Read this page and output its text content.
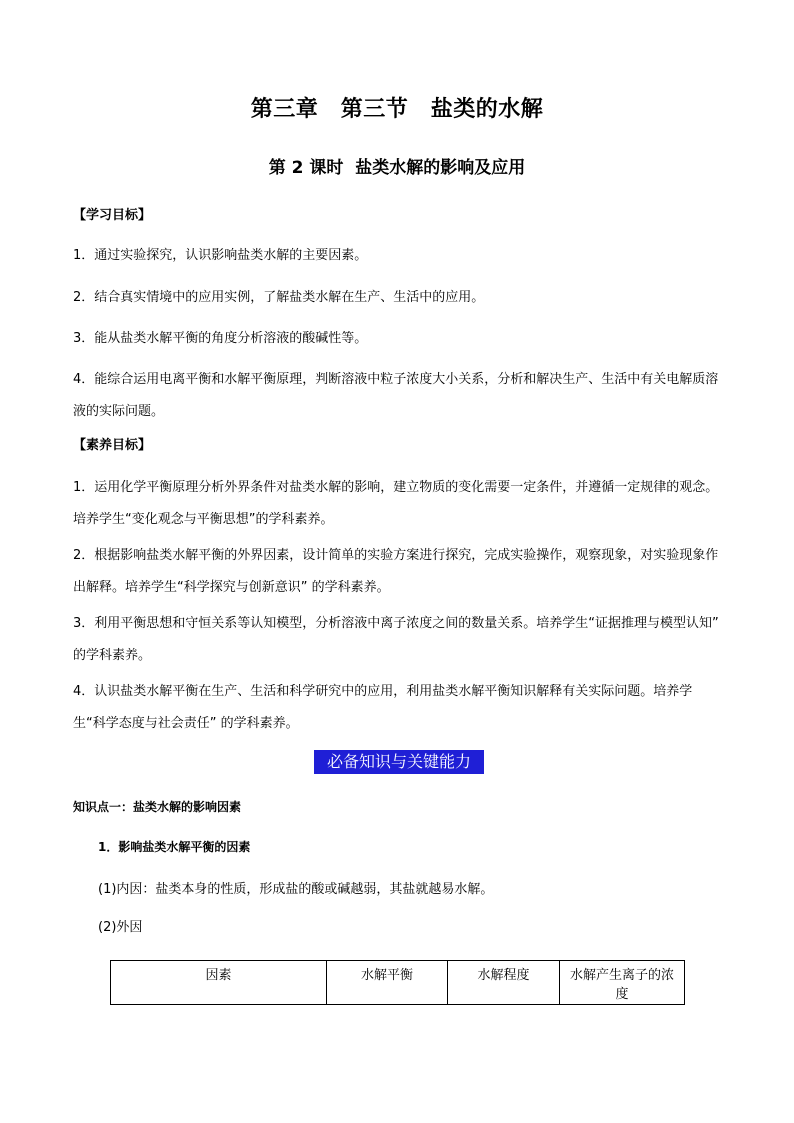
第三章　第三节　盐类的水解
第 2 课时  盐类水解的影响及应用
【学习目标】
1．通过实验探究，认识影响盐类水解的主要因素。
2．结合真实情境中的应用实例，了解盐类水解在生产、生活中的应用。
3．能从盐类水解平衡的角度分析溶液的酸碱性等。
4．能综合运用电离平衡和水解平衡原理，判断溶液中粒子浓度大小关系，分析和解决生产、生活中有关电解质溶液的实际问题。
【素养目标】
1．运用化学平衡原理分析外界条件对盐类水解的影响，建立物质的变化需要一定条件，并遵循一定规律的观念。培养学生“变化观念与平衡思想”的学科素养。
2．根据影响盐类水解平衡的外界因素，设计简单的实验方案进行探究，完成实验操作，观察现象，对实验现象作出解释。培养学生“科学探究与创新意识” 的学科素养。
3．利用平衡思想和守恒关系等认知模型，分析溶液中离子浓度之间的数量关系。培养学生“证据推理与模型认知” 的学科素养。
4．认识盐类水解平衡在生产、生活和科学研究中的应用，利用盐类水解平衡知识解释有关实际问题。培养学生“科学态度与社会责任” 的学科素养。
必备知识与关键能力
知识点一：盐类水解的影响因素
1．影响盐类水解平衡的因素
(1)内因：盐类本身的性质，形成盐的酸或碱越弱，其盐就越易水解。
(2)外因
因素	水解平衡	水解程度	水解产生离子的浓度
